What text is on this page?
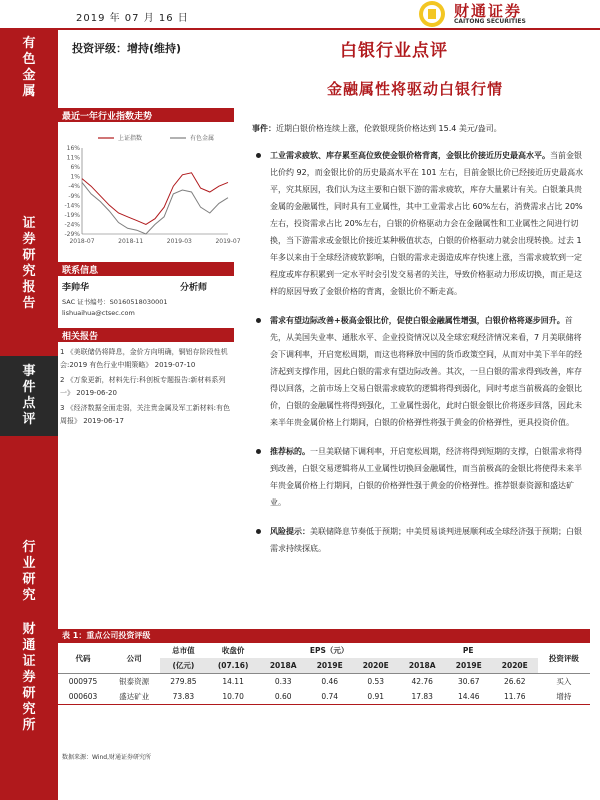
2019 年 07 月 16 日	财通证券
CAITONG SECURITIES
有
色
金
属
证
券
研
究
报
告
事
件
点
评
行
业
研
究
财
通
证
券
研
究
所
投资评级：增持(维持)	白银行业点评
金融属性将驱动白银行情
最近一年行业指数走势
16%
11%
6%
1%
-4%
-9%
-14%
-19%
-24%
-29%
2018-07	2018-11	2019-03	2019-07
上证指数	有色金属
联系信息
李帅华	分析师
SAC 证书编号：S0160518030001
lishuaihua@ctsec.com
相关报告
1 《美联储仍将降息，金价方向明确，铜铝存阶段性机会:2019 有色行业中期策略》 2019-07-10
2 《万象更新，材料先行:科创板专题报告:新材料系列一》 2019-06-20
3 《经济数据全面走弱，关注贵金属及军工新材料:有色周报》 2019-06-17
事件：近期白银价格连续上涨，伦敦银现货价格达到 15.4 美元/盎司。
工业需求疲软、库存累至高位致使金银价格背离，金银比价接近历史最高水平。当前金银比价约 92，而金银比价的历史最高水平在 101 左右，目前金银比价已经接近历史最高水平，究其原因，我们认为这主要和白银下游的需求疲软，库存大量累计有关。白银兼具贵金属的金融属性，同时具有工业属性，其中工业需求占比 60%左右，消费需求占比 20%左右，投资需求占比 20%左右，白银的价格驱动力会在金融属性和工业属性之间进行切换，当下游需求或金银比价接近某种极值状态，白银的价格驱动力就会出现转换。过去 1 年多以来由于全球经济疲软影响，白银的需求走弱造成库存快速上涨，当需求疲软到一定程度或库存积累到一定水平时会引发交易者的关注，导致价格驱动力形成切换，而正是这样的原因导致了金银价格的背离，金银比价不断走高。
需求有望边际改善+极高金银比价，促使白银金融属性增强，白银价格将逐步回升。首先，从美国失业率、通胀水平、企业投资情况以及全球宏观经济情况来看，7 月美联储将会下调利率，开启宽松周期，而这也将释放中国的货币政策空间，从而对中美下半年的经济起到支撑作用，因此白银的需求有望边际改善。其次，一旦白银的需求得到改善，库存得以回落，之前市场上交易白银需求疲软的逻辑将得到弱化，同时考虑当前极高的金银比价，白银的金融属性将得到强化，工业属性弱化，此时白银金银比价将逐步回落，因此未来半年贵金属价格上行期间，白银的价格弹性将强于黄金的价格弹性，更具投资价值。
推荐标的。一旦美联储下调利率，开启宽松周期，经济将得到短期的支撑，白银需求将得到改善，白银交易逻辑将从工业属性切换回金融属性，而当前极高的金银比将使得未来半年贵金属价格上行期间，白银的价格弹性强于黄金的价格弹性。推荐银泰资源和盛达矿业。
风险提示：美联储降息节奏低于预期；中美贸易谈判进展顺利或全球经济强于预期；白银需求持续探底。
表 1：重点公司投资评级
代码	公司	总市值	收盘价	EPS（元）			PE			投资评级
		(亿元)	(07.16)	2018A	2019E	2020E	2018A	2019E	2020E	
000975	银泰资源	279.85	14.11	0.33	0.46	0.53	42.76	30.67	26.62	买入
000603	盛达矿业	73.83	10.70	0.60	0.74	0.91	17.83	14.46	11.76	增持
数据来源：Wind,财通证券研究所
